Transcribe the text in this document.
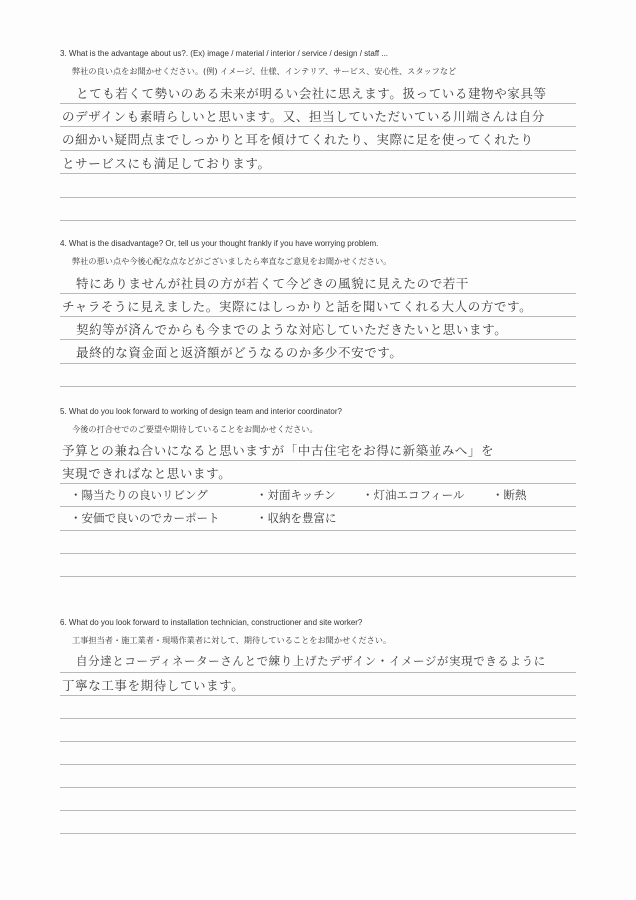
3. What is the advantage about us?. (Ex) image / material / interior / service / design / staff ...
弊社の良い点をお聞かせください。(例) イメージ、仕様、インテリア、サービス、安心性、スタッフなど
とても若くて勢いのある未来が明るい会社に思えます。扱っている建物や家具等
のデザインも素晴らしいと思います。又、担当していただいている川端さんは自分
の細かい疑問点までしっかりと耳を傾けてくれたり、実際に足を使ってくれたり
とサービスにも満足しております。
4. What is the disadvantage? Or, tell us your thought frankly if you have worrying problem.
弊社の悪い点や今後心配な点などがございましたら率直なご意見をお聞かせください。
特にありませんが社員の方が若くて今どきの風貌に見えたので若干
チャラそうに見えました。実際にはしっかりと話を聞いてくれる大人の方です。
契約等が済んでからも今までのような対応していただきたいと思います。
最終的な資金面と返済額がどうなるのか多少不安です。
5. What do you look forward to working of design team and interior coordinator?
今後の打合せでのご要望や期待していることをお聞かせください。
予算との兼ね合いになると思いますが「中古住宅をお得に新築並みへ」を
実現できればなと思います。
・陽当たりの良いリビング	・対面キッチン ・灯油エコフィール ・断熱
・安価で良いのでカーポート	・収納を豊富に
6. What do you look forward to installation technician, constructioner and site worker?
工事担当者・施工業者・現場作業者に対して、期待していることをお聞かせください。
自分達とコーディネーターさんとで練り上げたデザイン・イメージが実現できるように
丁寧な工事を期待しています。
